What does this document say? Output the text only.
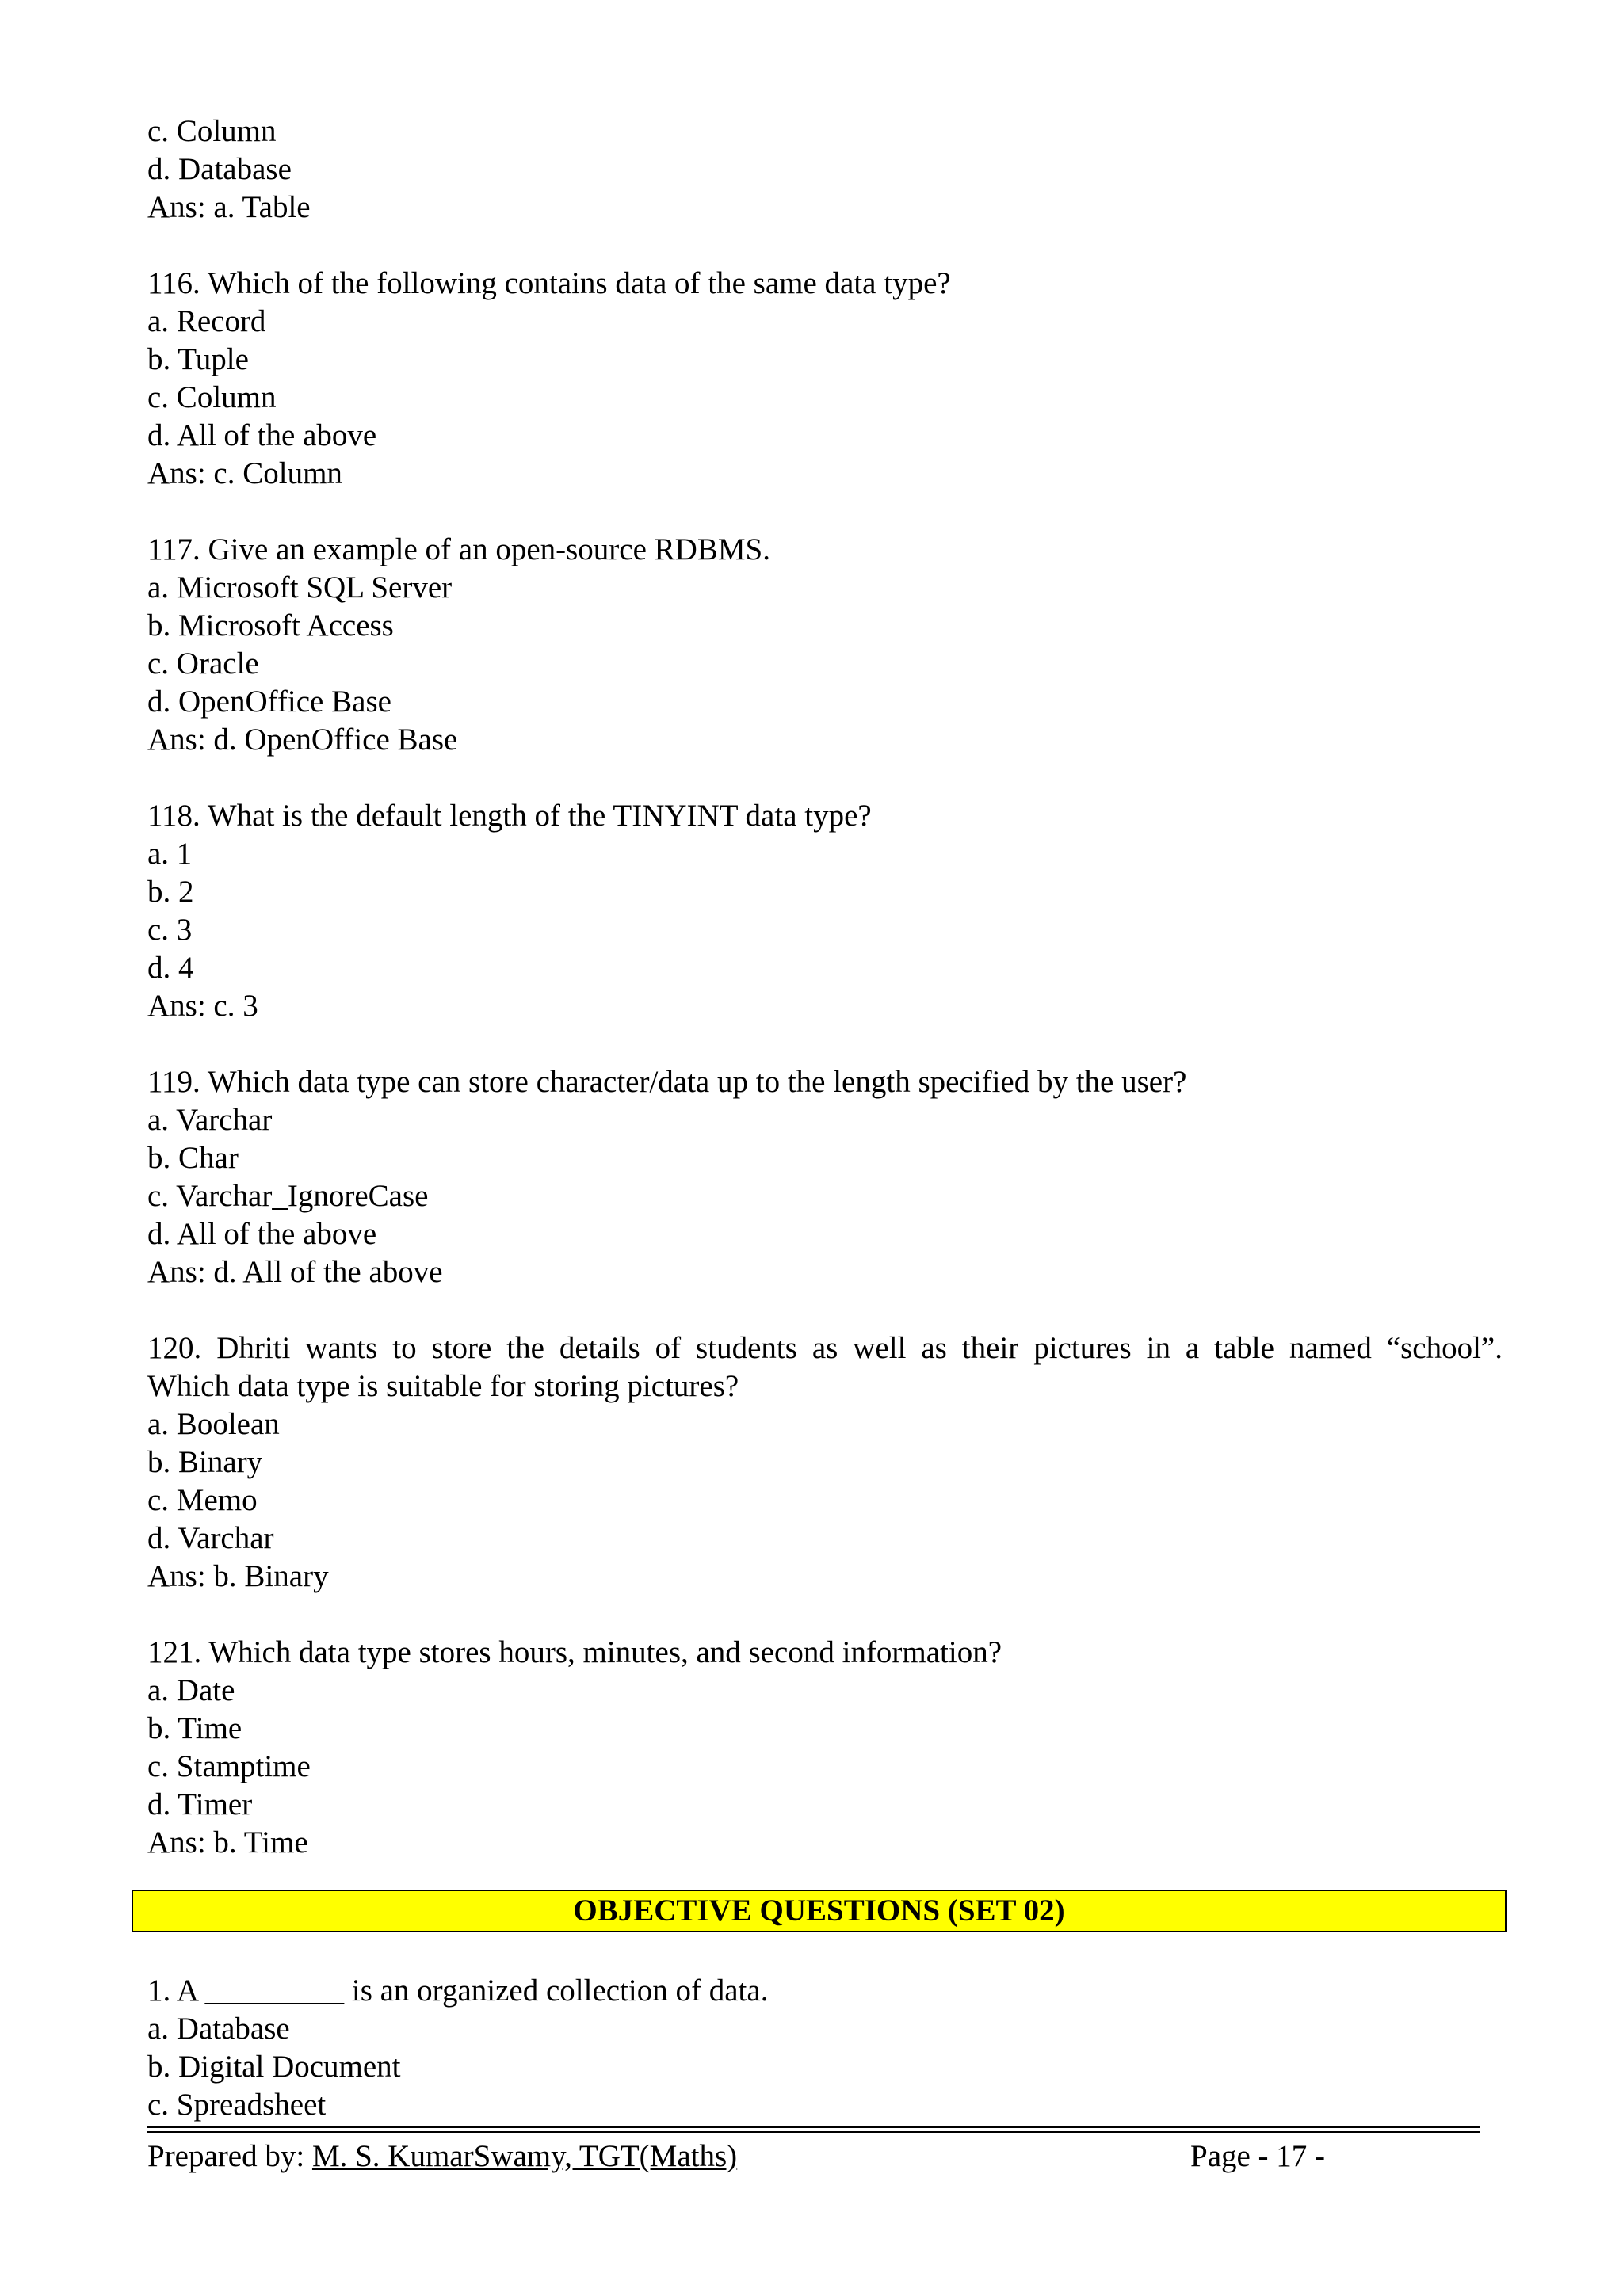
c. Column
d. Database
Ans: a. Table
116. Which of the following contains data of the same data type?
a. Record
b. Tuple
c. Column
d. All of the above
Ans: c. Column
117. Give an example of an open-source RDBMS.
a. Microsoft SQL Server
b. Microsoft Access
c. Oracle
d. OpenOffice Base
Ans: d. OpenOffice Base
118. What is the default length of the TINYINT data type?
a. 1
b. 2
c. 3
d. 4
Ans: c. 3
119. Which data type can store character/data up to the length specified by the user?
a. Varchar
b. Char
c. Varchar_IgnoreCase
d. All of the above
Ans: d. All of the above
120. Dhriti wants to store the details of students as well as their pictures in a table named “school”.
Which data type is suitable for storing pictures?
a. Boolean
b. Binary
c. Memo
d. Varchar
Ans: b. Binary
121. Which data type stores hours, minutes, and second information?
a. Date
b. Time
c. Stamptime
d. Timer
Ans: b. Time
OBJECTIVE QUESTIONS (SET 02)
1. A _________ is an organized collection of data.
a. Database
b. Digital Document
c. Spreadsheet
Prepared by: M. S. KumarSwamy, TGT(Maths)	Page - 17 -
